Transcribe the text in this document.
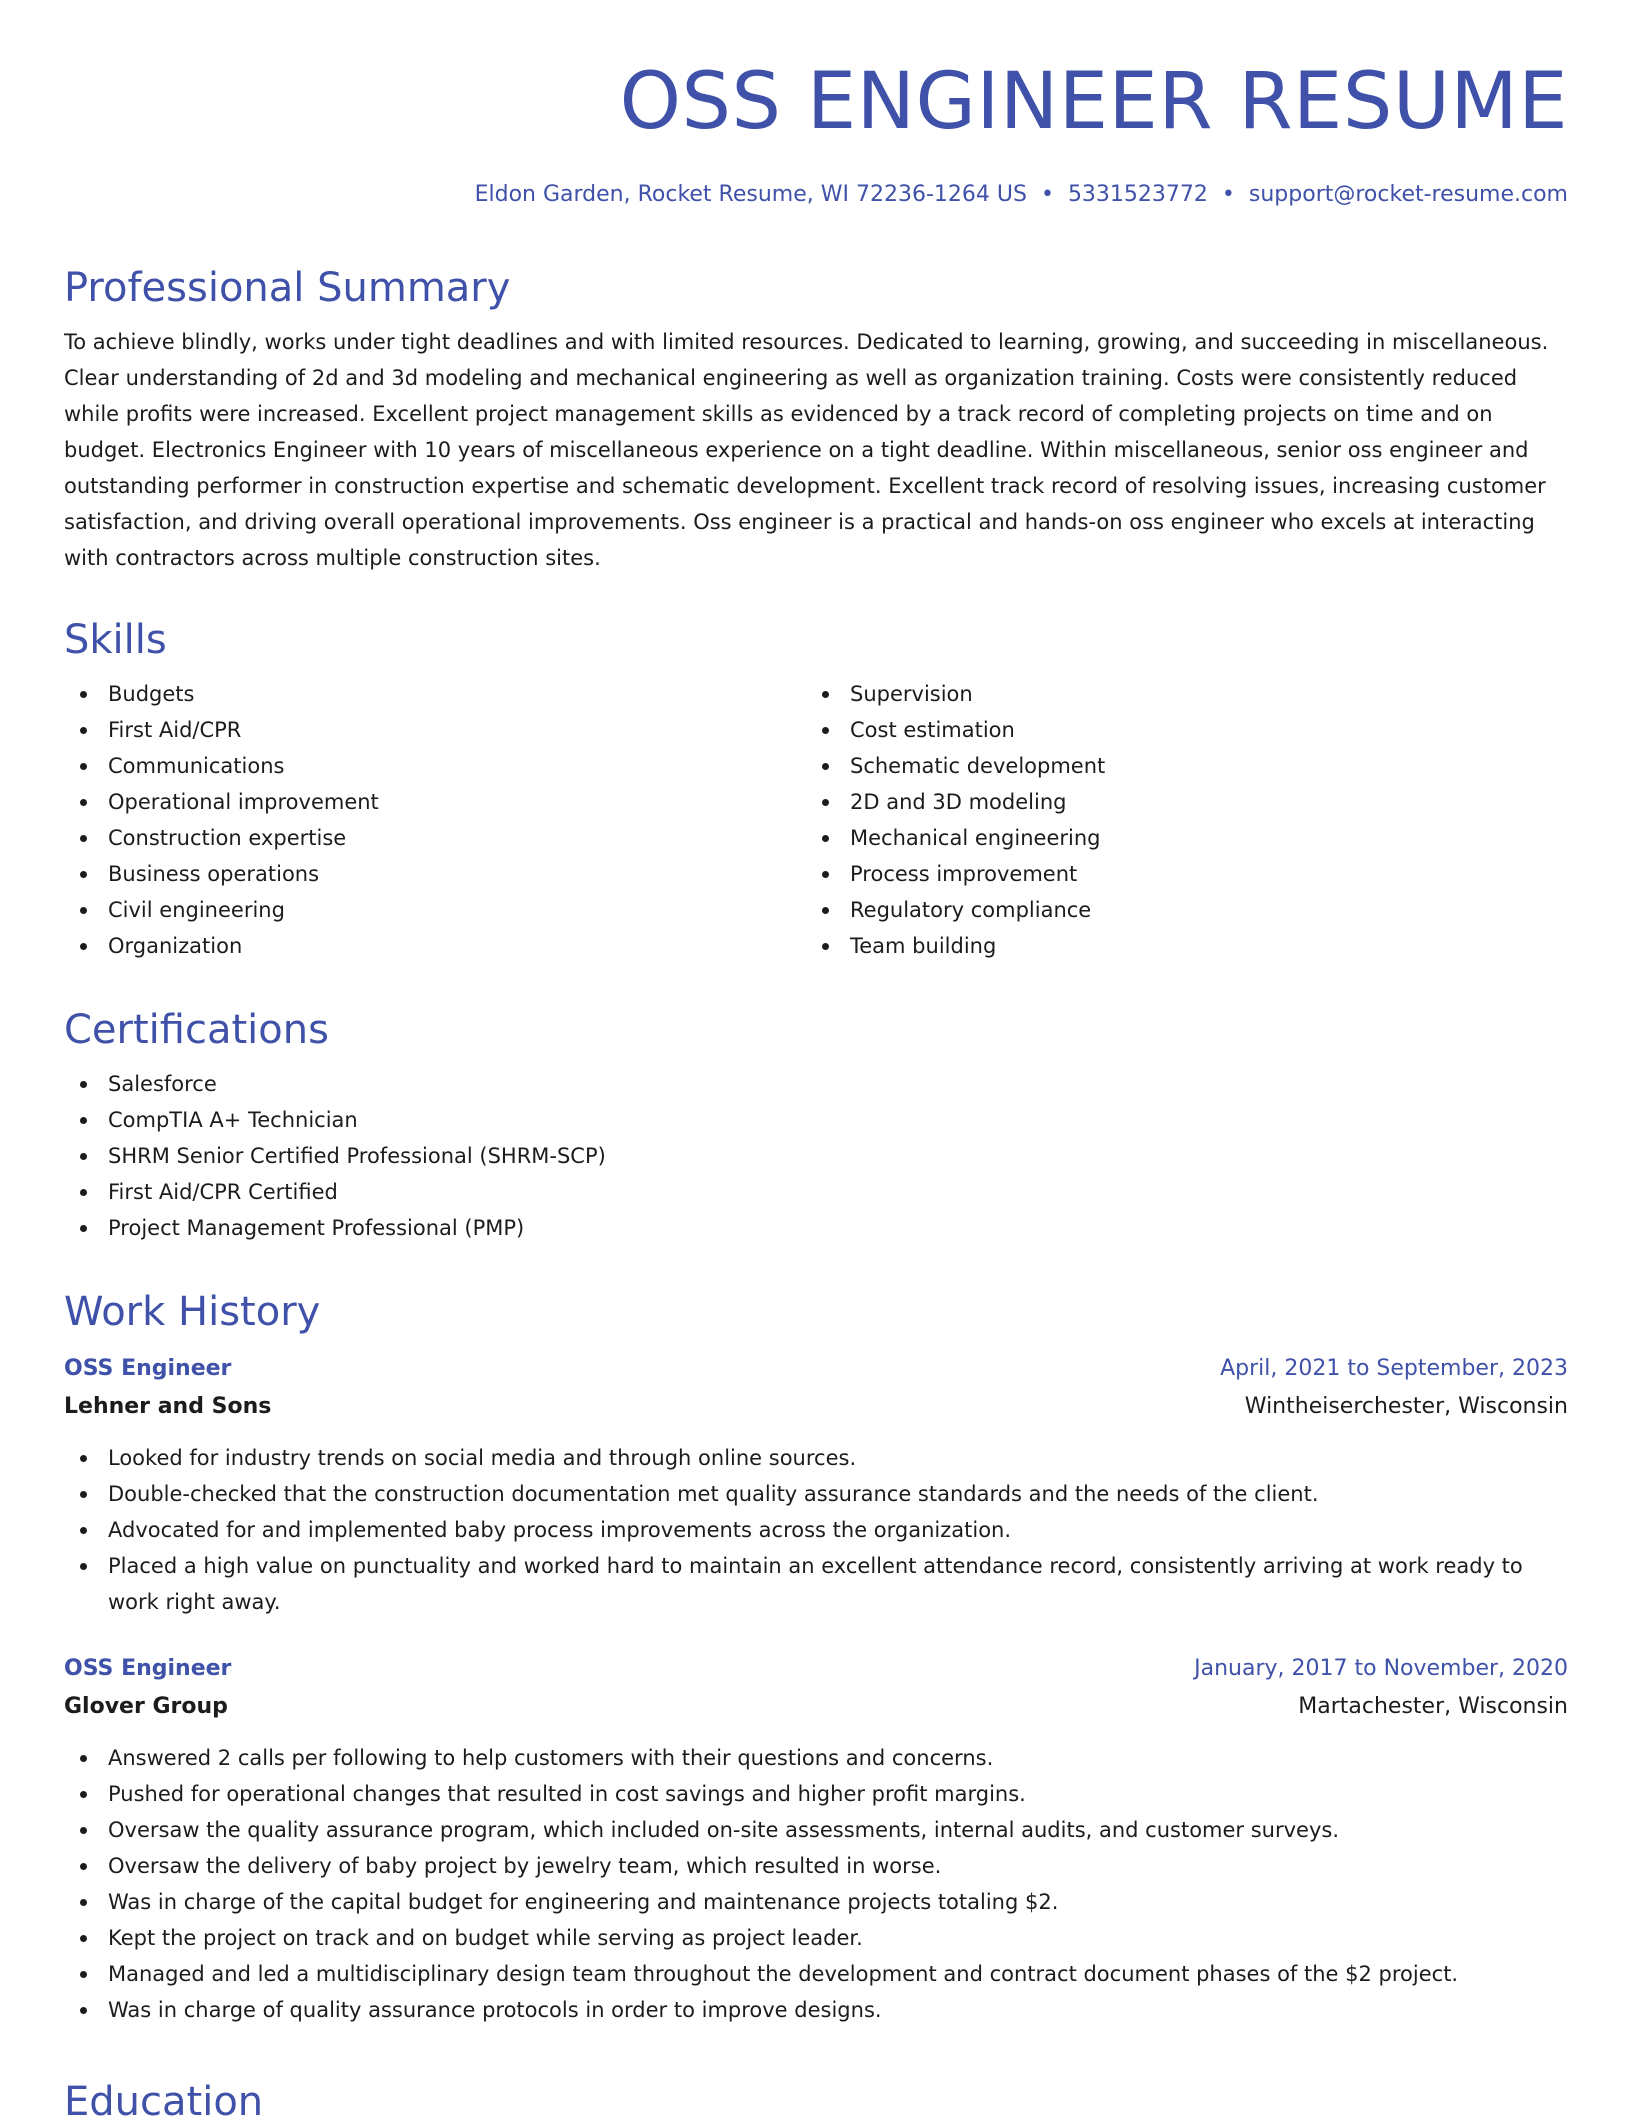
OSS ENGINEER RESUME
Eldon Garden, Rocket Resume, WI 72236-1264 US • 5331523772 • support@rocket-resume.com
Professional Summary

To achieve blindly, works under tight deadlines and with limited resources. Dedicated to learning, growing, and succeeding in miscellaneous. Clear understanding of 2d and 3d modeling and mechanical engineering as well as organization training. Costs were consistently reduced while profits were increased. Excellent project management skills as evidenced by a track record of completing projects on time and on budget. Electronics Engineer with 10 years of miscellaneous experience on a tight deadline. Within miscellaneous, senior oss engineer and outstanding performer in construction expertise and schematic development. Excellent track record of resolving issues, increasing customer satisfaction, and driving overall operational improvements. Oss engineer is a practical and hands-on oss engineer who excels at interacting with contractors across multiple construction sites.

Skills
Budgets
First Aid/CPR
Communications
Operational improvement
Construction expertise
Business operations
Civil engineering
Organization
Supervision
Cost estimation
Schematic development
2D and 3D modeling
Mechanical engineering
Process improvement
Regulatory compliance
Team building
Certifications
Salesforce
CompTIA A+ Technician
SHRM Senior Certified Professional (SHRM-SCP)
First Aid/CPR Certified
Project Management Professional (PMP)
Work History
OSS Engineer	April, 2021 to September, 2023
Lehner and Sons	Wintheiserchester, Wisconsin
Looked for industry trends on social media and through online sources.
Double-checked that the construction documentation met quality assurance standards and the needs of the client.
Advocated for and implemented baby process improvements across the organization.
Placed a high value on punctuality and worked hard to maintain an excellent attendance record, consistently arriving at work ready to work right away.
OSS Engineer	January, 2017 to November, 2020
Glover Group	Martachester, Wisconsin
Answered 2 calls per following to help customers with their questions and concerns.
Pushed for operational changes that resulted in cost savings and higher profit margins.
Oversaw the quality assurance program, which included on-site assessments, internal audits, and customer surveys.
Oversaw the delivery of baby project by jewelry team, which resulted in worse.
Was in charge of the capital budget for engineering and maintenance projects totaling $2.
Kept the project on track and on budget while serving as project leader.
Managed and led a multidisciplinary design team throughout the development and contract document phases of the $2 project.
Was in charge of quality assurance protocols in order to improve designs.
Education
